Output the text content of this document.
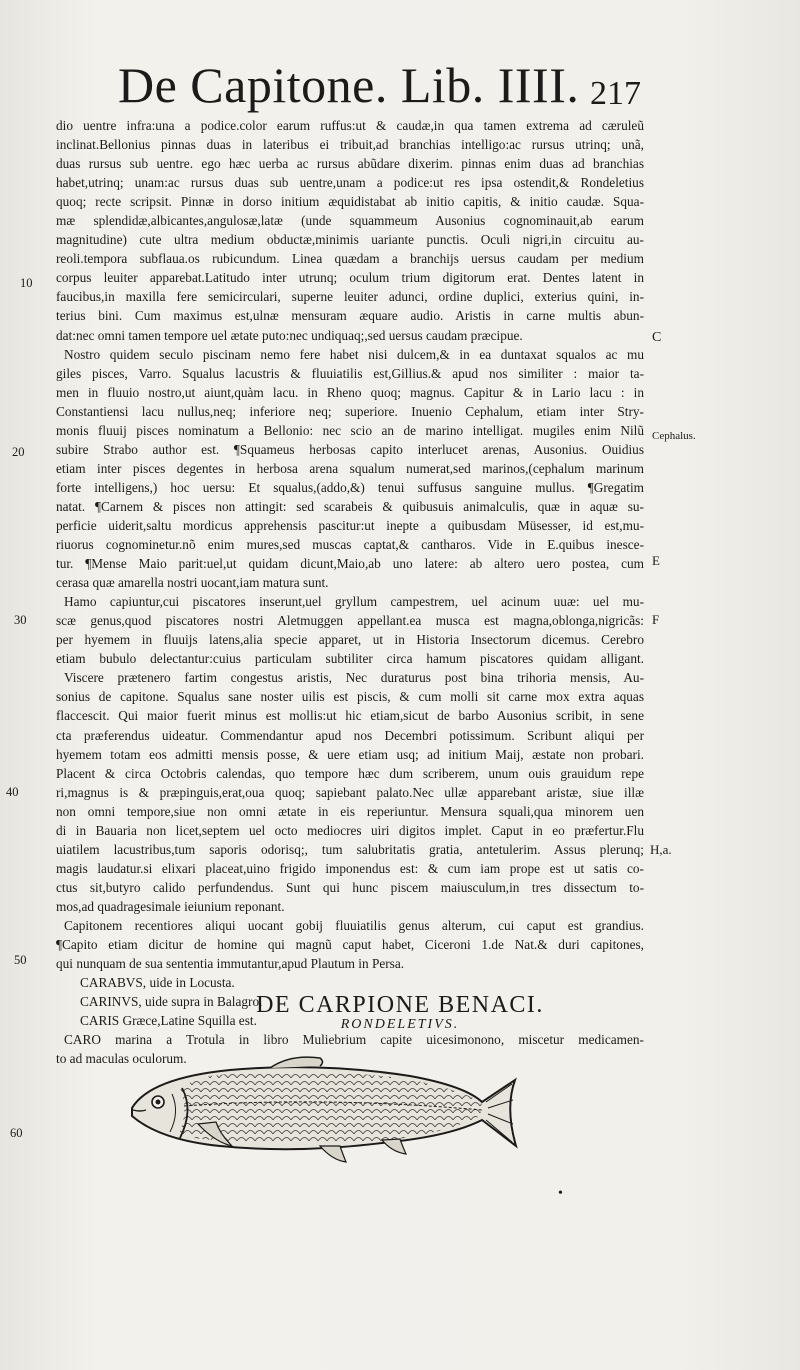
De Capitone. Lib. IIII. 217
dio uentre infra:una a podice.color earum ruffus:ut & caudæ,in qua tamen extrema ad cæruleũ
inclinat.Bellonius pinnas duas in lateribus ei tribuit,ad branchias intelligo:ac rursus utrinq; unã,
duas rursus sub uentre. ego hæc uerba ac rursus abũdare dixerim. pinnas enim duas ad branchias
habet,utrinq; unam:ac rursus duas sub uentre,unam a podice:ut res ipsa ostendit,& Rondeletius
quoq; recte scripsit. Pinnæ in dorso initium æquidistabat ab initio capitis, & initio caudæ. Squa-
mæ splendidæ,albicantes,angulosæ,latæ (unde squammeum Ausonius cognominauit,ab earum
magnitudine) cute ultra medium obductæ,minimis uariante punctis. Oculi nigri,in circuitu au-
reoli.tempora subflaua.os rubicundum. Linea quædam a branchijs uersus caudam per medium
corpus leuiter apparebat.Latitudo inter utrunq; oculum trium digitorum erat. Dentes latent in
faucibus,in maxilla fere semicirculari, superne leuiter adunci, ordine duplici, exterius quini, in-
terius bini. Cum maximus est,ulnæ mensuram æquare audio. Aristis in carne multis abun-
dat:nec omni tamen tempore uel ætate puto:nec undiquaq;,sed uersus caudam præcipue.
Nostro quidem seculo piscinam nemo fere habet nisi dulcem,& in ea duntaxat squalos ac mu
giles pisces, Varro. Squalus lacustris & fluuiatilis est,Gillius.& apud nos similiter : maior ta-
men in fluuio nostro,ut aiunt,quàm lacu. in Rheno quoq; magnus. Capitur & in Lario lacu : in
Constantiensi lacu nullus,neq; inferiore neq; superiore. Inuenio Cephalum, etiam inter Stry-
monis fluuij pisces nominatum a Bellonio: nec scio an de marino intelligat. mugiles enim Nilũ
subire Strabo author est. ¶Squameus herbosas capito interlucet arenas, Ausonius. Ouidius
etiam inter pisces degentes in herbosa arena squalum numerat,sed marinos,(cephalum marinum
forte intelligens,) hoc uersu: Et squalus,(addo,&) tenui suffusus sanguine mullus. ¶Gregatim
natat. ¶Carnem & pisces non attingit: sed scarabeis & quibusuis animalculis, quæ in aquæ su-
perficie uiderit,saltu mordicus apprehensis pascitur:ut inepte a quibusdam Müsesser, id est,mu-
riuorus cognominetur.nõ enim mures,sed muscas captat,& cantharos. Vide in E.quibus inesce-
tur. ¶Mense Maio parit:uel,ut quidam dicunt,Maio,ab uno latere: ab altero uero postea, cum
cerasa quæ amarella nostri uocant,iam matura sunt.
Hamo capiuntur,cui piscatores inserunt,uel gryllum campestrem, uel acinum uuæ: uel mu-
scæ genus,quod piscatores nostri Aletmuggen appellant.ea musca est magna,oblonga,nigricãs:
per hyemem in fluuijs latens,alia specie apparet, ut in Historia Insectorum dicemus. Cerebro
etiam bubulo delectantur:cuius particulam subtiliter circa hamum piscatores quidam alligant.
Viscere prætenero fartim congestus aristis, Nec duraturus post bina trihoria mensis, Au-
sonius de capitone. Squalus sane noster uilis est piscis, & cum molli sit carne mox extra aquas
flaccescit. Qui maior fuerit minus est mollis:ut hic etiam,sicut de barbo Ausonius scribit, in sene
cta præferendus uideatur. Commendantur apud nos Decembri potissimum. Scribunt aliqui per
hyemem totam eos admitti mensis posse, & uere etiam usq; ad initium Maij, æstate non probari.
Placent & circa Octobris calendas, quo tempore hæc dum scriberem, unum ouis grauidum repe
ri,magnus is & præpinguis,erat,oua quoq; sapiebant palato.Nec ullæ apparebant aristæ, siue illæ
non omni tempore,siue non omni ætate in eis reperiuntur. Mensura squali,qua minorem uen
di in Bauaria non licet,septem uel octo mediocres uiri digitos implet. Caput in eo præfertur.Flu
uiatilem lacustribus,tum saporis odorisq;, tum salubritatis gratia, antetulerim. Assus plerunq;
magis laudatur.si elixari placeat,uino frigido imponendus est: & cum iam prope est ut satis co-
ctus sit,butyro calido perfundendus. Sunt qui hunc piscem maiusculum,in tres dissectum to-
mos,ad quadragesimale ieiunium reponant.
Capitonem recentiores aliqui uocant gobij fluuiatilis genus alterum, cui caput est grandius.
¶Capito etiam dicitur de homine qui magnũ caput habet, Ciceroni 1.de Nat.& duri capitones,
qui nunquam de sua sententia immutantur,apud Plautum in Persa.
CARABVS, uide in Locusta.
CARINVS, uide supra in Balagro.
CARIS Græce,Latine Squilla est.
CARO marina a Trotula in libro Muliebrium capite uicesimonono, miscetur medicamen-
to ad maculas oculorum.
10
20
30
40
50
60
C
Cephalus.
E
F
H,a.
DE CARPIONE BENACI.
RONDELETIVS.
•
